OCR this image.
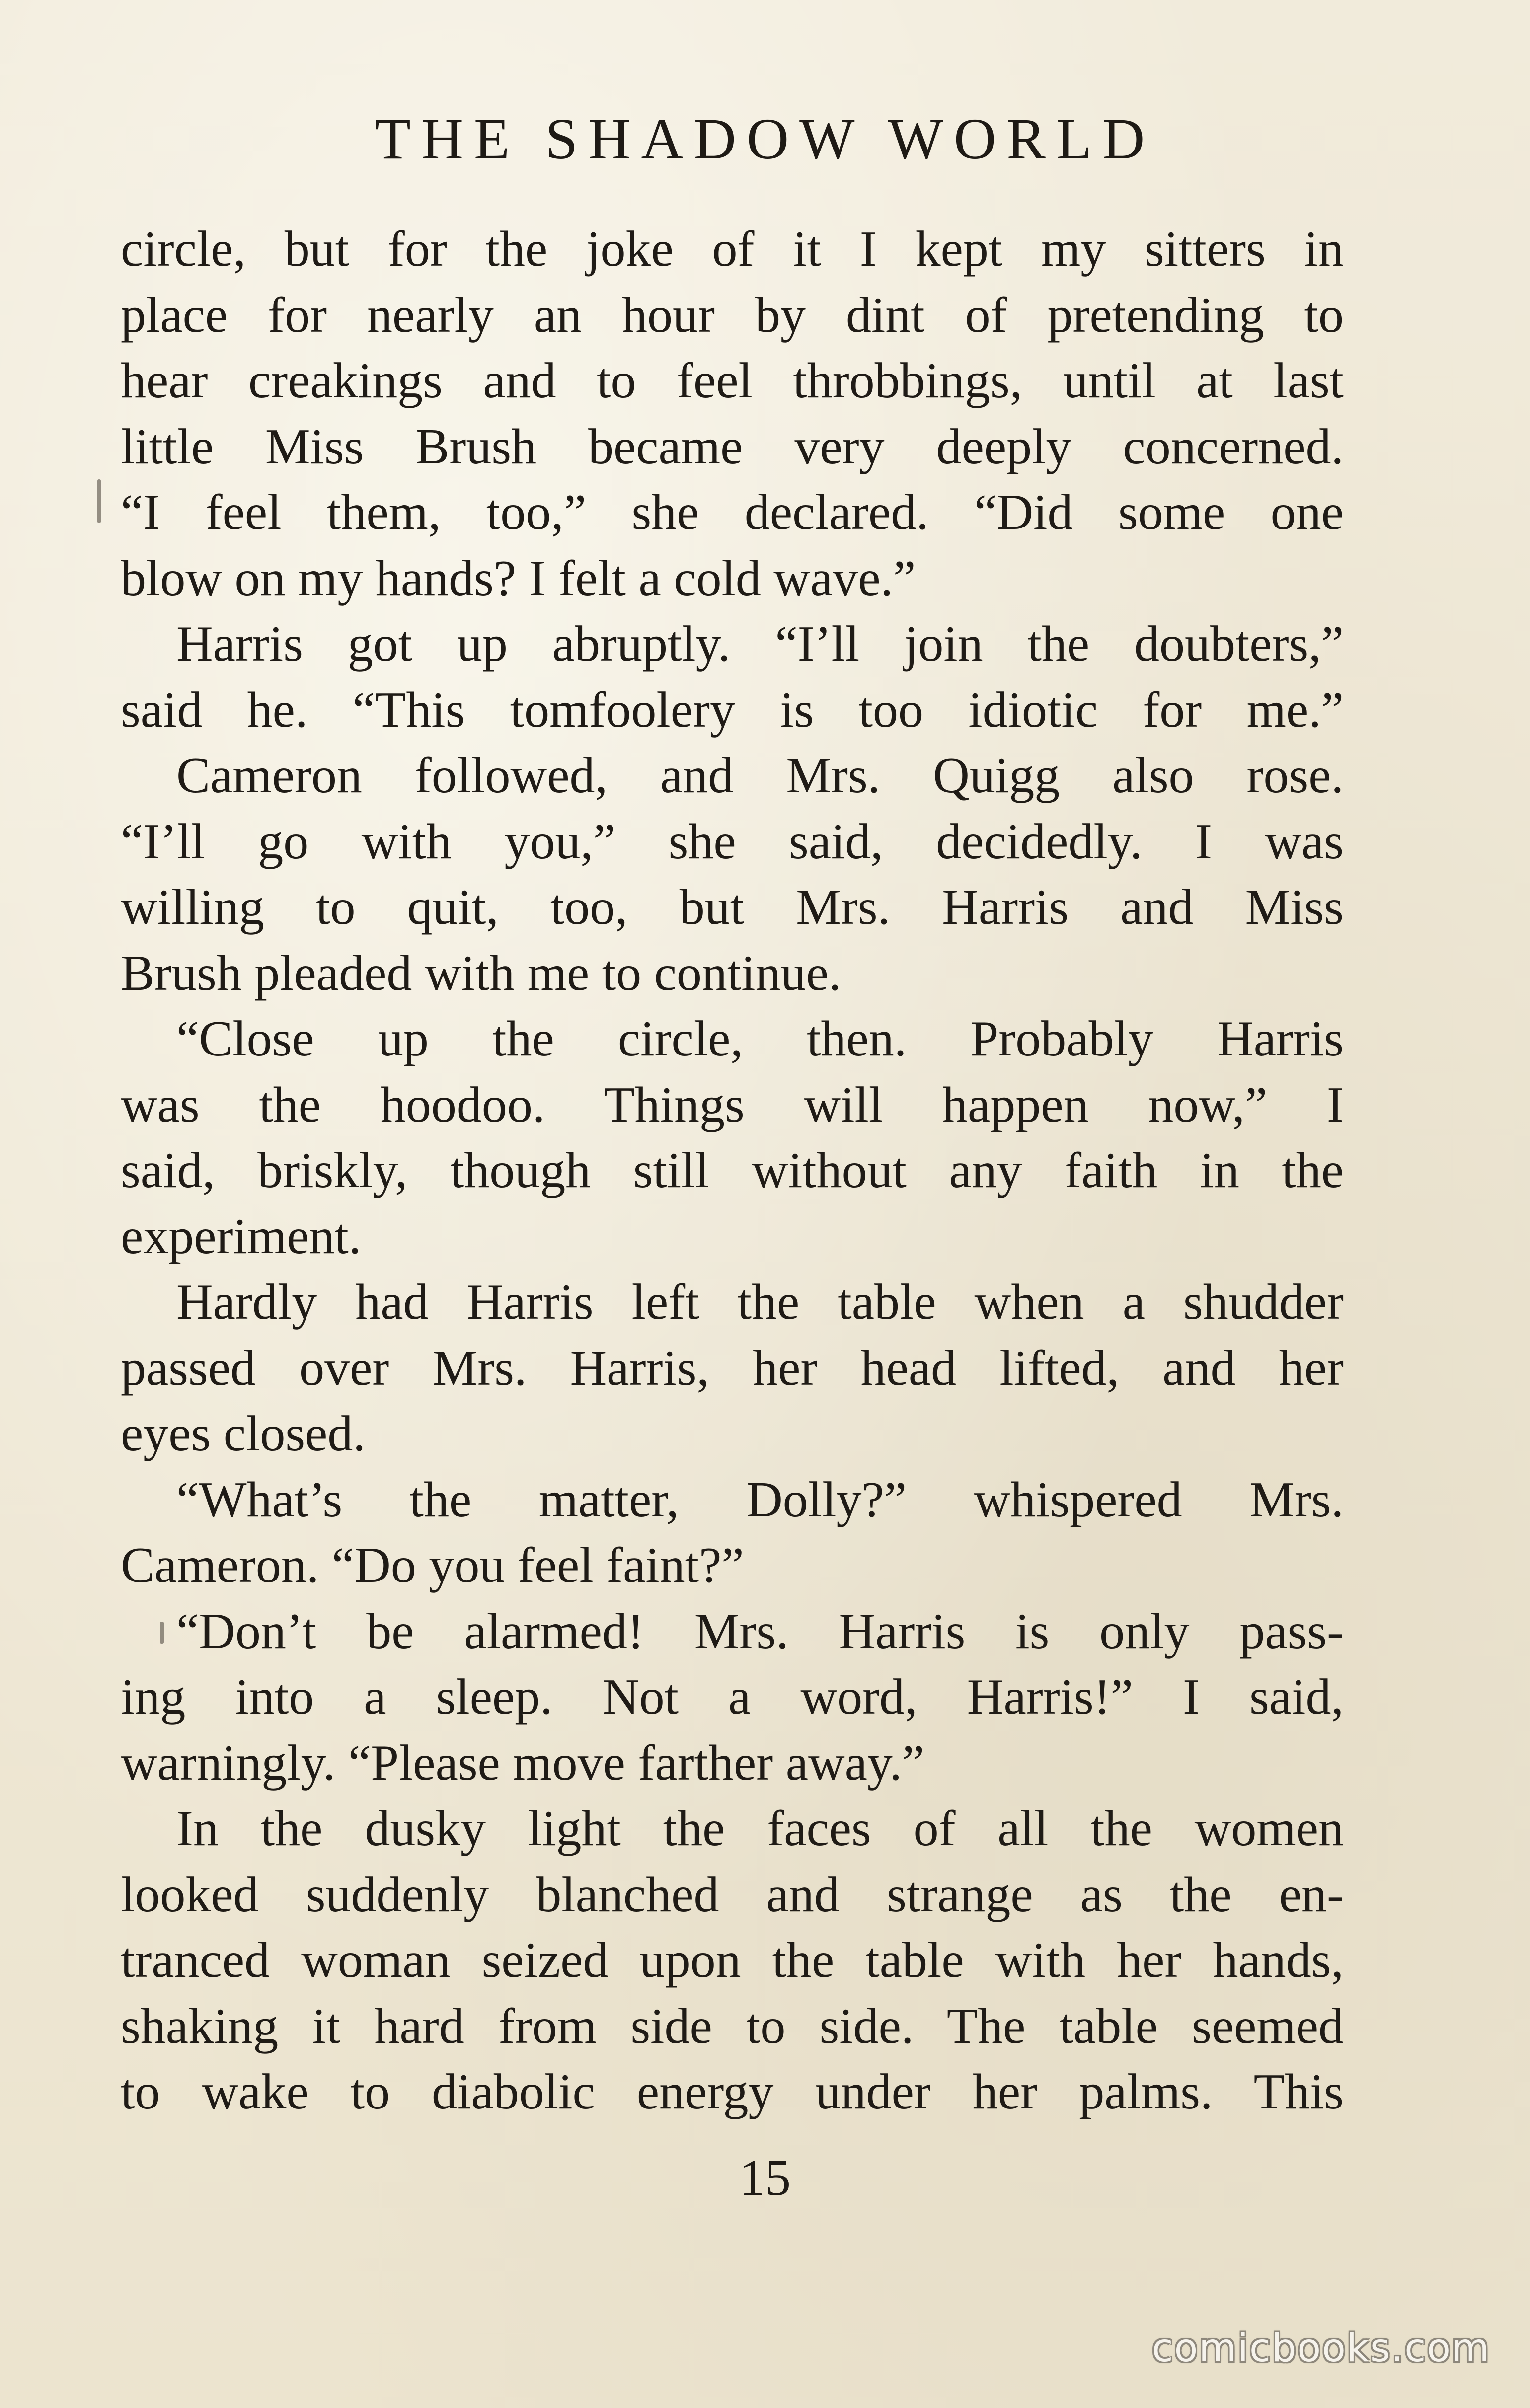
THE SHADOW WORLD
circle, but for the joke of it I kept my sitters in
place for nearly an hour by dint of pretending to
hear creakings and to feel throbbings, until at last
little Miss Brush became very deeply concerned.
“I feel them, too,” she declared. “Did some one
blow on my hands? I felt a cold wave.”
Harris got up abruptly. “I’ll join the doubters,”
said he. “This tomfoolery is too idiotic for me.”
Cameron followed, and Mrs. Quigg also rose.
“I’ll go with you,” she said, decidedly. I was
willing to quit, too, but Mrs. Harris and Miss
Brush pleaded with me to continue.
“Close up the circle, then. Probably Harris
was the hoodoo. Things will happen now,” I
said, briskly, though still without any faith in the
experiment.
Hardly had Harris left the table when a shudder
passed over Mrs. Harris, her head lifted, and her
eyes closed.
“What’s the matter, Dolly?” whispered Mrs.
Cameron. “Do you feel faint?”
“Don’t be alarmed! Mrs. Harris is only pass-
ing into a sleep. Not a word, Harris!” I said,
warningly. “Please move farther away.”
In the dusky light the faces of all the women
looked suddenly blanched and strange as the en-
tranced woman seized upon the table with her hands,
shaking it hard from side to side. The table seemed
to wake to diabolic energy under her palms. This
15
comicbooks.com
